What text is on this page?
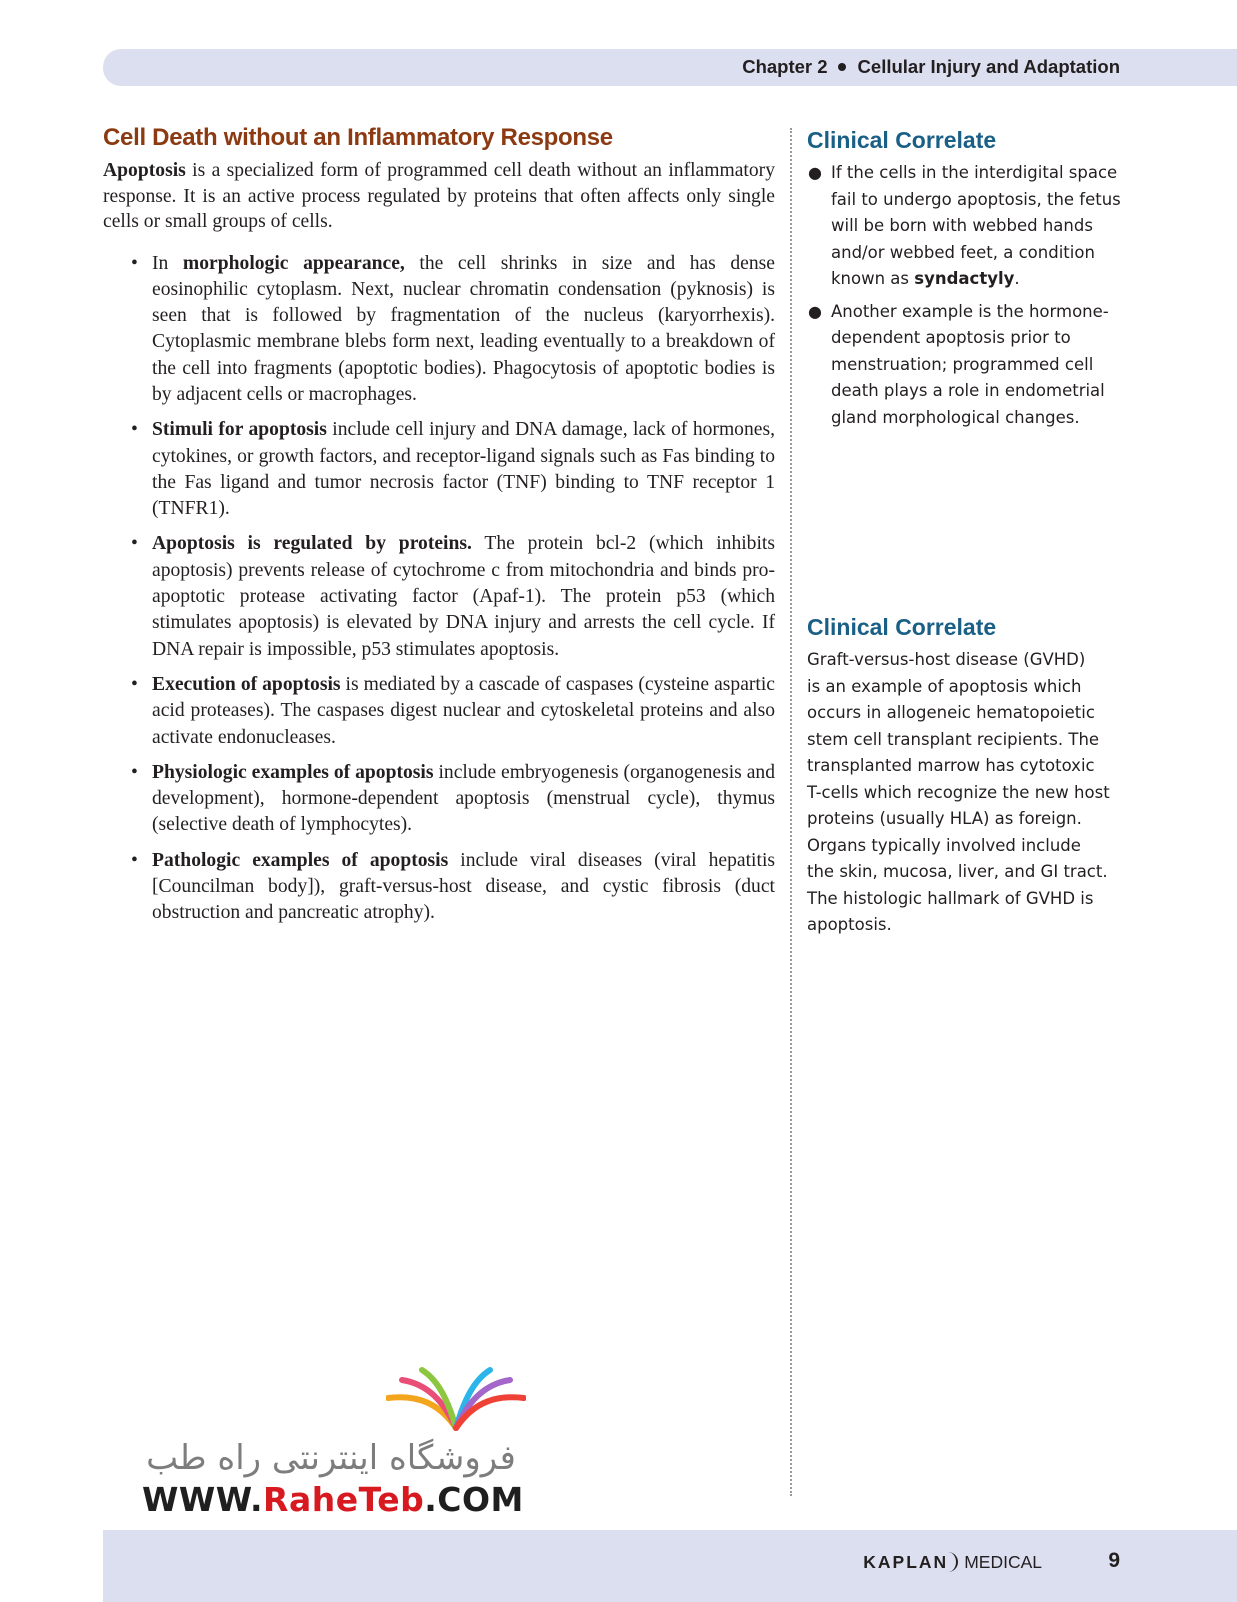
Chapter 2 Cellular Injury and Adaptation
Cell Death without an Inflammatory Response

Apoptosis is a specialized form of programmed cell death without an inflammatory response. It is an active process regulated by proteins that often affects only single cells or small groups of cells.

• In morphologic appearance, the cell shrinks in size and has dense eosinophilic cytoplasm. Next, nuclear chromatin condensation (pyknosis) is seen that is followed by fragmentation of the nucleus (karyorrhexis). Cytoplasmic membrane blebs form next, leading eventually to a breakdown of the cell into fragments (apoptotic bodies). Phagocytosis of apoptotic bodies is by adjacent cells or macrophages.
• Stimuli for apoptosis include cell injury and DNA damage, lack of hormones, cytokines, or growth factors, and receptor-ligand signals such as Fas binding to the Fas ligand and tumor necrosis factor (TNF) binding to TNF receptor 1 (TNFR1).
• Apoptosis is regulated by proteins. The protein bcl-2 (which inhibits apoptosis) prevents release of cytochrome c from mitochondria and binds pro-apoptotic protease activating factor (Apaf-1). The protein p53 (which stimulates apoptosis) is elevated by DNA injury and arrests the cell cycle. If DNA repair is impossible, p53 stimulates apoptosis.
• Execution of apoptosis is mediated by a cascade of caspases (cysteine aspartic acid proteases). The caspases digest nuclear and cytoskeletal proteins and also activate endonucleases.
• Physiologic examples of apoptosis include embryogenesis (organogenesis and development), hormone-dependent apoptosis (menstrual cycle), thymus (selective death of lymphocytes).
• Pathologic examples of apoptosis include viral diseases (viral hepatitis [Councilman body]), graft-versus-host disease, and cystic fibrosis (duct obstruction and pancreatic atrophy).
Clinical Correlate
● If the cells in the interdigital space fail to undergo apoptosis, the fetus will be born with webbed hands and/or webbed feet, a condition known as syndactyly.
● Another example is the hormone-dependent apoptosis prior to menstruation; programmed cell death plays a role in endometrial gland morphological changes.
Clinical Correlate

Graft-versus-host disease (GVHD)
is an example of apoptosis which
occurs in allogeneic hematopoietic
stem cell transplant recipients. The
transplanted marrow has cytotoxic
T-cells which recognize the new host
proteins (usually HLA) as foreign.
Organs typically involved include
the skin, mucosa, liver, and GI tract.
The histologic hallmark of GVHD is
apoptosis.

فروشگاه اینترنتی راه طب
WWW.RaheTeb.COM
KAPLAN MEDICAL	9
